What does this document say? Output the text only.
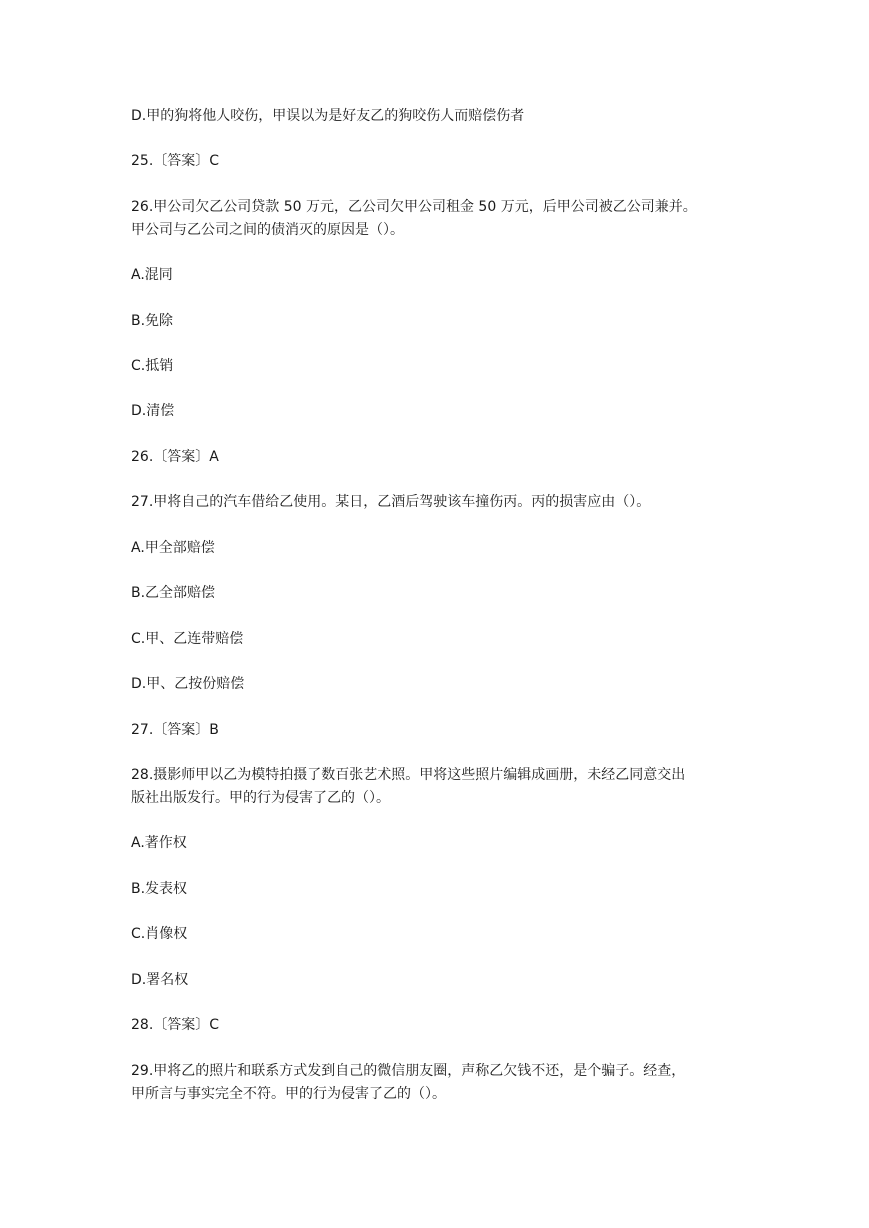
D.甲的狗将他人咬伤，甲误以为是好友乙的狗咬伤人而赔偿伤者
25.〔答案〕C
26.甲公司欠乙公司贷款 50 万元，乙公司欠甲公司租金 50 万元，后甲公司被乙公司兼并。
甲公司与乙公司之间的债消灭的原因是（）。
A.混同
B.免除
C.抵销
D.清偿
26.〔答案〕A
27.甲将自己的汽车借给乙使用。某日，乙酒后驾驶该车撞伤丙。丙的损害应由（）。
A.甲全部赔偿
B.乙全部赔偿
C.甲、乙连带赔偿
D.甲、乙按份赔偿
27.〔答案〕B
28.摄影师甲以乙为模特拍摄了数百张艺术照。甲将这些照片编辑成画册，未经乙同意交出
版社出版发行。甲的行为侵害了乙的（）。
A.著作权
B.发表权
C.肖像权
D.署名权
28.〔答案〕C
29.甲将乙的照片和联系方式发到自己的微信朋友圈，声称乙欠钱不还，是个骗子。经查，
甲所言与事实完全不符。甲的行为侵害了乙的（）。
